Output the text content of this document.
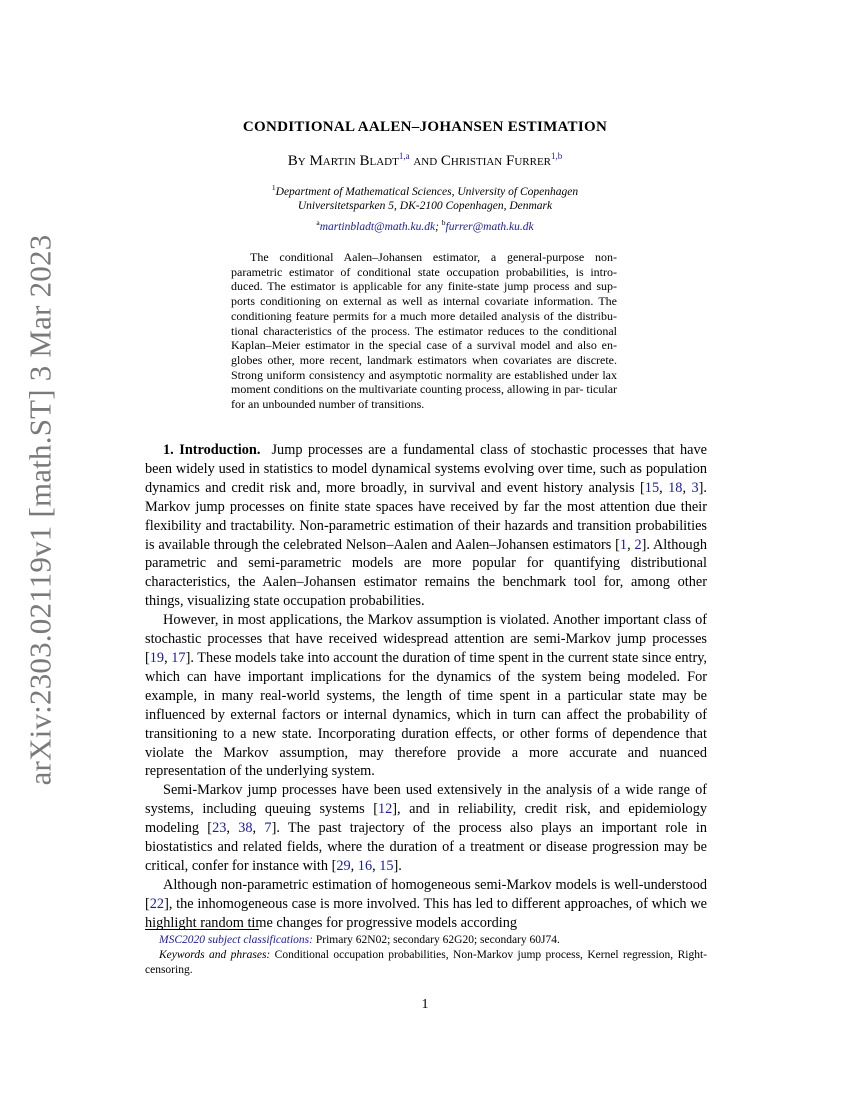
arXiv:2303.02119v1 [math.ST] 3 Mar 2023
CONDITIONAL AALEN–JOHANSEN ESTIMATION
By Martin Bladt$^{1,a}$ and Christian Furrer$^{1,b}$
$^1$Department of Mathematical Sciences, University of Copenhagen
Universitetsparken 5, DK-2100 Copenhagen, Denmark
$^a$martinbladt@math.ku.dk; $^b$furrer@math.ku.dk

The conditional Aalen–Johansen estimator, a general-purpose non- parametric estimator of conditional state occupation probabilities, is intro- duced. The estimator is applicable for any finite-state jump process and sup- ports conditioning on external as well as internal covariate information. The conditioning feature permits for a much more detailed analysis of the distribu- tional characteristics of the process. The estimator reduces to the conditional Kaplan–Meier estimator in the special case of a survival model and also en- globes other, more recent, landmark estimators when covariates are discrete. Strong uniform consistency and asymptotic normality are established under lax moment conditions on the multivariate counting process, allowing in par- ticular for an unbounded number of transitions.

1. Introduction. Jump processes are a fundamental class of stochastic processes that have been widely used in statistics to model dynamical systems evolving over time, such as population dynamics and credit risk and, more broadly, in survival and event history analysis [15, 18, 3]. Markov jump processes on finite state spaces have received by far the most attention due their flexibility and tractability. Non-parametric estimation of their hazards and transition probabilities is available through the celebrated Nelson–Aalen and Aalen–Johansen estimators [1, 2]. Although parametric and semi-parametric models are more popular for quantifying distributional characteristics, the Aalen–Johansen estimator remains the benchmark tool for, among other things, visualizing state occupation probabilities.

However, in most applications, the Markov assumption is violated. Another important class of stochastic processes that have received widespread attention are semi-Markov jump processes [19, 17]. These models take into account the duration of time spent in the current state since entry, which can have important implications for the dynamics of the system being modeled. For example, in many real-world systems, the length of time spent in a particular state may be influenced by external factors or internal dynamics, which in turn can affect the probability of transitioning to a new state. Incorporating duration effects, or other forms of dependence that violate the Markov assumption, may therefore provide a more accurate and nuanced representation of the underlying system.

Semi-Markov jump processes have been used extensively in the analysis of a wide range of systems, including queuing systems [12], and in reliability, credit risk, and epidemiology modeling [23, 38, 7]. The past trajectory of the process also plays an important role in biostatistics and related fields, where the duration of a treatment or disease progression may be critical, confer for instance with [29, 16, 15].

Although non-parametric estimation of homogeneous semi-Markov models is well-understood [22], the inhomogeneous case is more involved. This has led to different approaches, of which we highlight random time changes for progressive models according

MSC2020 subject classifications: Primary 62N02; secondary 62G20; secondary 60J74.

Keywords and phrases: Conditional occupation probabilities, Non-Markov jump process, Kernel regression, Right-censoring.

1
